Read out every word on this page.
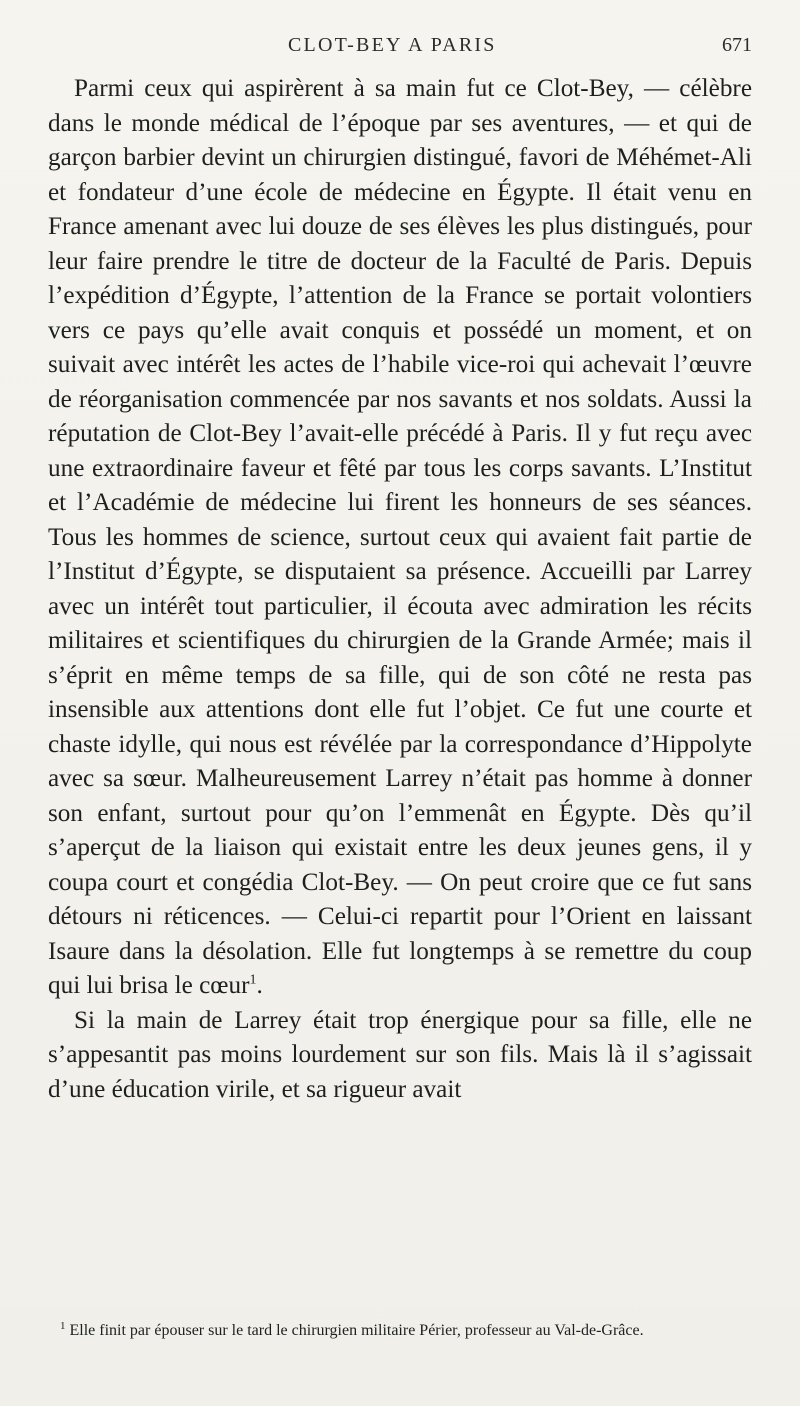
CLOT-BEY A PARIS	671

Parmi ceux qui aspirèrent à sa main fut ce Clot-Bey, — célèbre dans le monde médical de l’époque par ses aventures, — et qui de garçon barbier devint un chirurgien distingué, favori de Méhémet-Ali et fondateur d’une école de médecine en Égypte. Il était venu en France amenant avec lui douze de ses élèves les plus distingués, pour leur faire prendre le titre de docteur de la Faculté de Paris. Depuis l’expédition d’Égypte, l’attention de la France se portait volontiers vers ce pays qu’elle avait conquis et possédé un moment, et on suivait avec intérêt les actes de l’habile vice-roi qui achevait l’œuvre de réorganisation commencée par nos savants et nos soldats. Aussi la réputation de Clot-Bey l’avait-elle précédé à Paris. Il y fut reçu avec une extraordinaire faveur et fêté par tous les corps savants. L’Institut et l’Académie de médecine lui firent les honneurs de ses séances. Tous les hommes de science, surtout ceux qui avaient fait partie de l’Institut d’Égypte, se disputaient sa présence. Accueilli par Larrey avec un intérêt tout particulier, il écouta avec admiration les récits militaires et scientifiques du chirurgien de la Grande Armée; mais il s’éprit en même temps de sa fille, qui de son côté ne resta pas insensible aux attentions dont elle fut l’objet. Ce fut une courte et chaste idylle, qui nous est révélée par la correspondance d’Hippolyte avec sa sœur. Malheureusement Larrey n’était pas homme à donner son enfant, surtout pour qu’on l’emmenât en Égypte. Dès qu’il s’aperçut de la liaison qui existait entre les deux jeunes gens, il y coupa court et congédia Clot-Bey. — On peut croire que ce fut sans détours ni réticences. — Celui-ci repartit pour l’Orient en laissant Isaure dans la désolation. Elle fut longtemps à se remettre du coup qui lui brisa le cœur$^1$.

Si la main de Larrey était trop énergique pour sa fille, elle ne s’appesantit pas moins lourdement sur son fils. Mais là il s’agissait d’une éducation virile, et sa rigueur avait

$^1$ Elle finit par épouser sur le tard le chirurgien militaire Périer, professeur au Val-de-Grâce.
